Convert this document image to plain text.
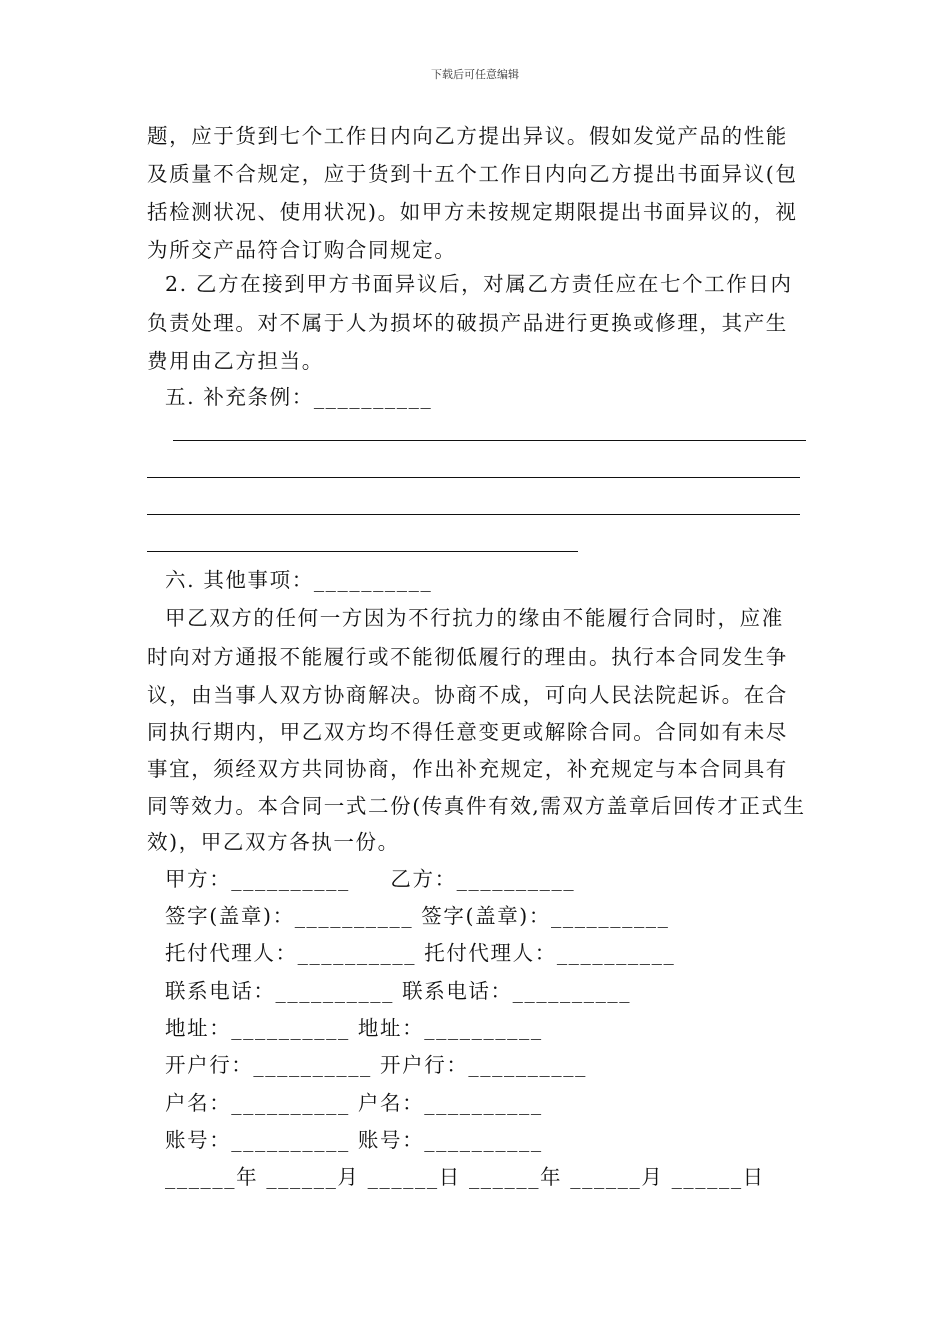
下载后可任意编辑
题，应于货到七个工作日内向乙方提出异议。假如发觉产品的性能
及质量不合规定，应于货到十五个工作日内向乙方提出书面异议(包
括检测状况、使用状况)。如甲方未按规定期限提出书面异议的，视
为所交产品符合订购合同规定。
2. 乙方在接到甲方书面异议后，对属乙方责任应在七个工作日内
负责处理。对不属于人为损坏的破损产品进行更换或修理，其产生
费用由乙方担当。
五. 补充条例：__________
六. 其他事项：__________
甲乙双方的任何一方因为不行抗力的缘由不能履行合同时，应准
时向对方通报不能履行或不能彻低履行的理由。执行本合同发生争
议，由当事人双方协商解决。协商不成，可向人民法院起诉。在合
同执行期内，甲乙双方均不得任意变更或解除合同。合同如有未尽
事宜，须经双方共同协商，作出补充规定，补充规定与本合同具有
同等效力。本合同一式二份(传真件有效,需双方盖章后回传才正式生
效)，甲乙双方各执一份。
甲方：__________     乙方：__________
签字(盖章)：__________ 签字(盖章)：__________
托付代理人：__________ 托付代理人：__________
联系电话：__________ 联系电话：__________
地址：__________ 地址：__________
开户行：__________ 开户行：__________
户名：__________ 户名：__________
账号：__________ 账号：__________
______年 ______月 ______日 ______年 ______月 ______日
